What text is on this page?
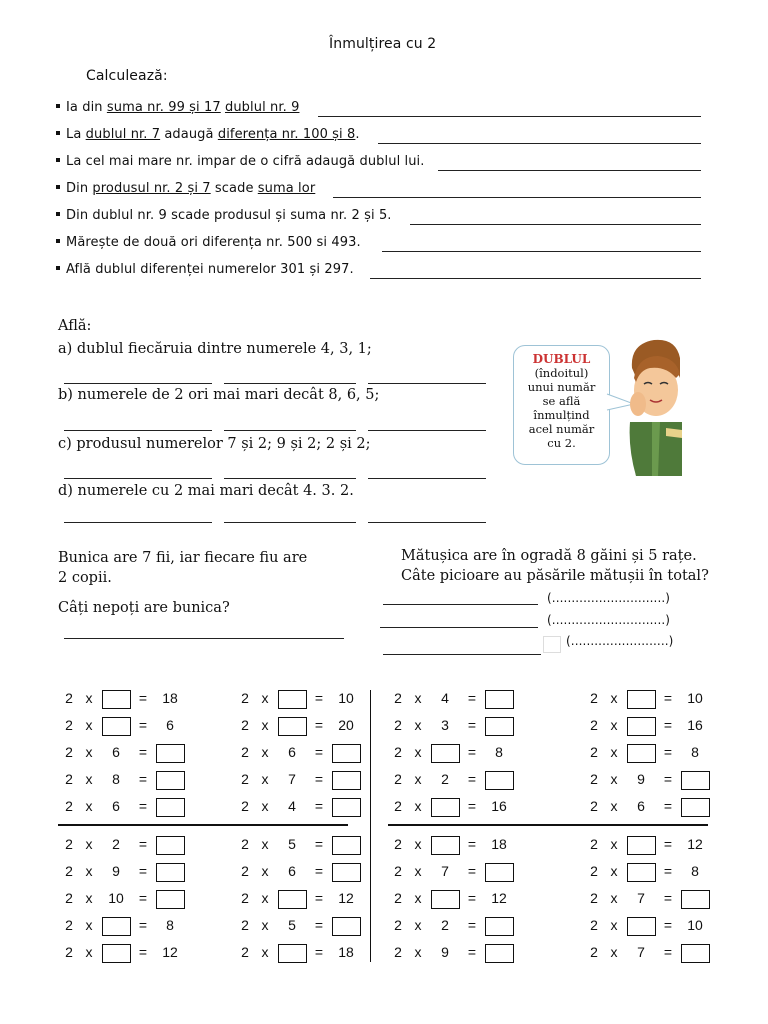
Înmulțirea cu 2
Calculează:
Ia din suma nr. 99 și 17 dublul nr. 9
La dublul nr. 7 adaugă diferența nr. 100 și 8.
La cel mai mare nr. impar de o cifră adaugă dublul lui.
Din produsul nr. 2 și 7 scade suma lor
Din dublul nr. 9 scade produsul și suma nr. 2 și 5.
Mărește de două ori diferența nr. 500 si 493.
Află dublul diferenței numerelor 301 și 297.
Află:
a) dublul fiecăruia dintre numerele 4, 3, 1;
b) numerele de 2 ori mai mari decât 8, 6, 5;
c) produsul numerelor 7 și 2; 9 și 2; 2 și 2;
d) numerele cu 2 mai mari decât 4. 3. 2.
DUBLUL
(îndoitul)
unui număr
se află
înmulțind
acel număr
cu 2.
Bunica are 7 fii, iar fiecare fiu are
2 copii.
Câți nepoți are bunica?
Mătușica are în ogradă 8 găini și 5 rațe.
Câte picioare au păsările mătușii în total?
(.............................)
(.............................)
(.........................)
2 x	= 18
2 x	= 6
2 x 6 =
2 x 8 =
2 x 6 =
2 x 2 =
2 x 9 =
2 x 10 =
2 x	= 8
2 x	= 12
2 x	= 10
2 x	= 20
2 x 6 =
2 x 7 =
2 x 4 =
2 x 5 =
2 x 6 =
2 x	= 12
2 x 5 =
2 x	= 18
2 x 4 =
2 x 3 =
2 x	= 8
2 x 2 =
2 x	= 16
2 x	= 18
2 x 7 =
2 x	= 12
2 x 2 =
2 x 9 =
2 x	= 10
2 x	= 16
2 x	= 8
2 x 9 =
2 x 6 =
2 x	= 12
2 x	= 8
2 x 7 =
2 x	= 10
2 x 7 =
